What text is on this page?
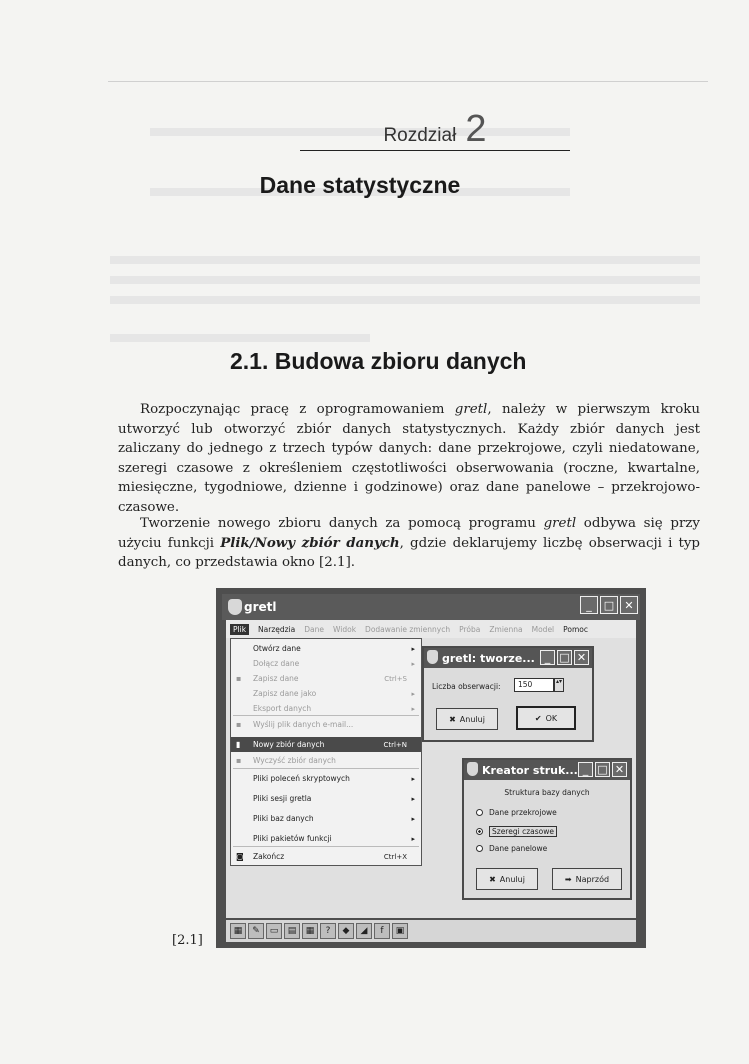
Rozdział 2
Dane statystyczne
2.1. Budowa zbioru danych
Rozpoczynając pracę z oprogramowaniem gretl, należy w pierwszym kroku utworzyć lub otworzyć zbiór danych statystycznych. Każdy zbiór danych jest zaliczany do jednego z trzech typów danych: dane przekrojowe, czyli niedatowane, szeregi czasowe z określeniem częstotliwości obserwowania (roczne, kwartalne, miesięczne, tygodniowe, dzienne i godzinowe) oraz dane panelowe – przekrojowo-czasowe.
Tworzenie nowego zbioru danych za pomocą programu gretl odbywa się przy użyciu funkcji Plik/Nowy zbiór danych, gdzie deklarujemy liczbę obserwacji i typ danych, co przedstawia okno [2.1].
gretl	_	□ ✕
Plik	Narzędzia Dane Widok Dodawanie zmiennych Próba Zmienna Model Pomoc
Otwórz dane	▸
Dołącz dane	▸
▪ Zapisz dane	Ctrl+S
Zapisz dane jako	▸
Eksport danych	▸
▪ Wyślij plik danych e-mail...
▮ Nowy zbiór danych	Ctrl+N
▪ Wyczyść zbiór danych
Pliki poleceń skryptowych	▸
Pliki sesji gretla	▸
Pliki baz danych	▸
Pliki pakietów funkcji	▸
◙ Zakończ	Ctrl+X
▦	✎	▭	▤	▦	?	◆	◢	f	▣
gretl: tworze... _ □ ✕
Liczba obserwacji:	150	▴▾
✖ Anuluj	✔ OK
Kreator struk... _ □ ✕
Struktura bazy danych
Dane przekrojowe
Szeregi czasowe
Dane panelowe
✖ Anuluj	➡ Naprzód
[2.1]
